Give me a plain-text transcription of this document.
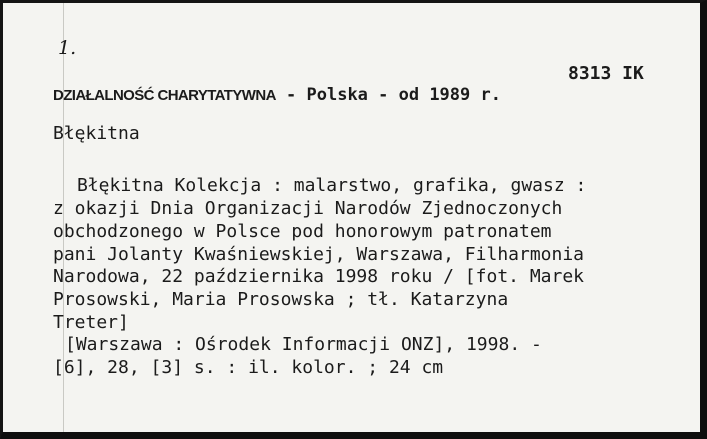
1.
8313 IK
DZIAŁALNOŚĆ CHARYTATYWNA - Polska - od 1989 r.
Błękitna
Błękitna Kolekcja : malarstwo, grafika, gwasz :
z okazji Dnia Organizacji Narodów Zjednoczonych
obchodzonego w Polsce pod honorowym patronatem
pani Jolanty Kwaśniewskiej, Warszawa, Filharmonia
Narodowa, 22 października 1998 roku / [fot. Marek
Prosowski, Maria Prosowska ; tł. Katarzyna
Treter]
[Warszawa : Ośrodek Informacji ONZ], 1998. -
[6], 28, [3] s. : il. kolor. ; 24 cm
